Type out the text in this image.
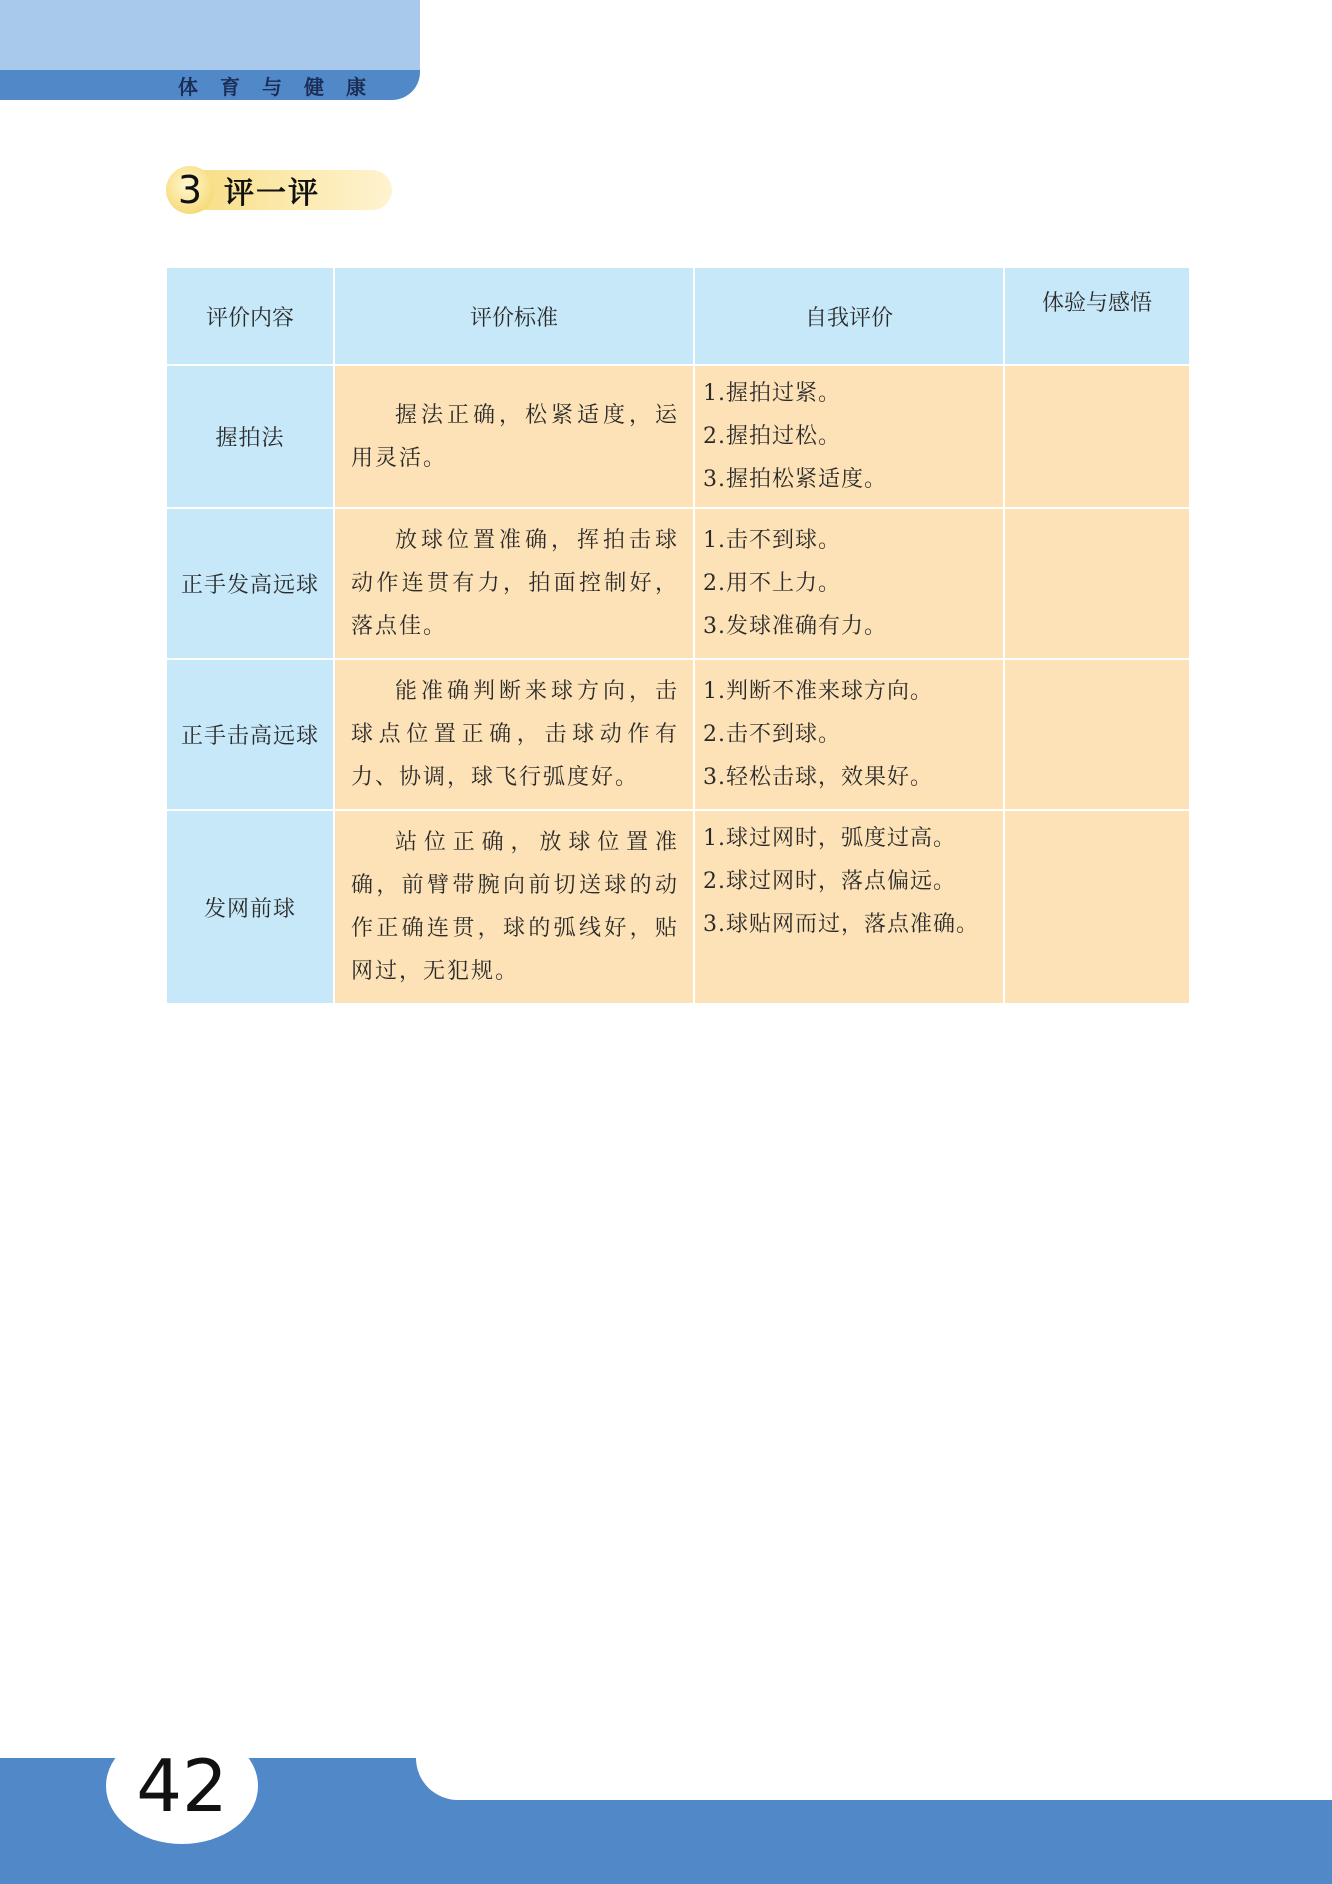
体育与健康
3 评一评
评价内容	评价标准	自我评价	体验与感悟
握拍法	握法正确，松紧适度，运用灵活。	1.握拍过紧。
2.握拍过松。
3.握拍松紧适度。	

正手发高远球	放球位置准确，挥拍击球动作连贯有力，拍面控制好，落点佳。	1.击不到球。
2.用不上力。
3.发球准确有力。	

正手击高远球	能准确判断来球方向，击球点位置正确，击球动作有力、协调，球飞行弧度好。	1.判断不准来球方向。
2.击不到球。
3.轻松击球，效果好。	

发网前球	站位正确，放球位置准确，前臂带腕向前切送球的动作正确连贯，球的弧线好，贴网过，无犯规。	1.球过网时，弧度过高。
2.球过网时，落点偏远。
3.球贴网而过，落点准确。	

42
